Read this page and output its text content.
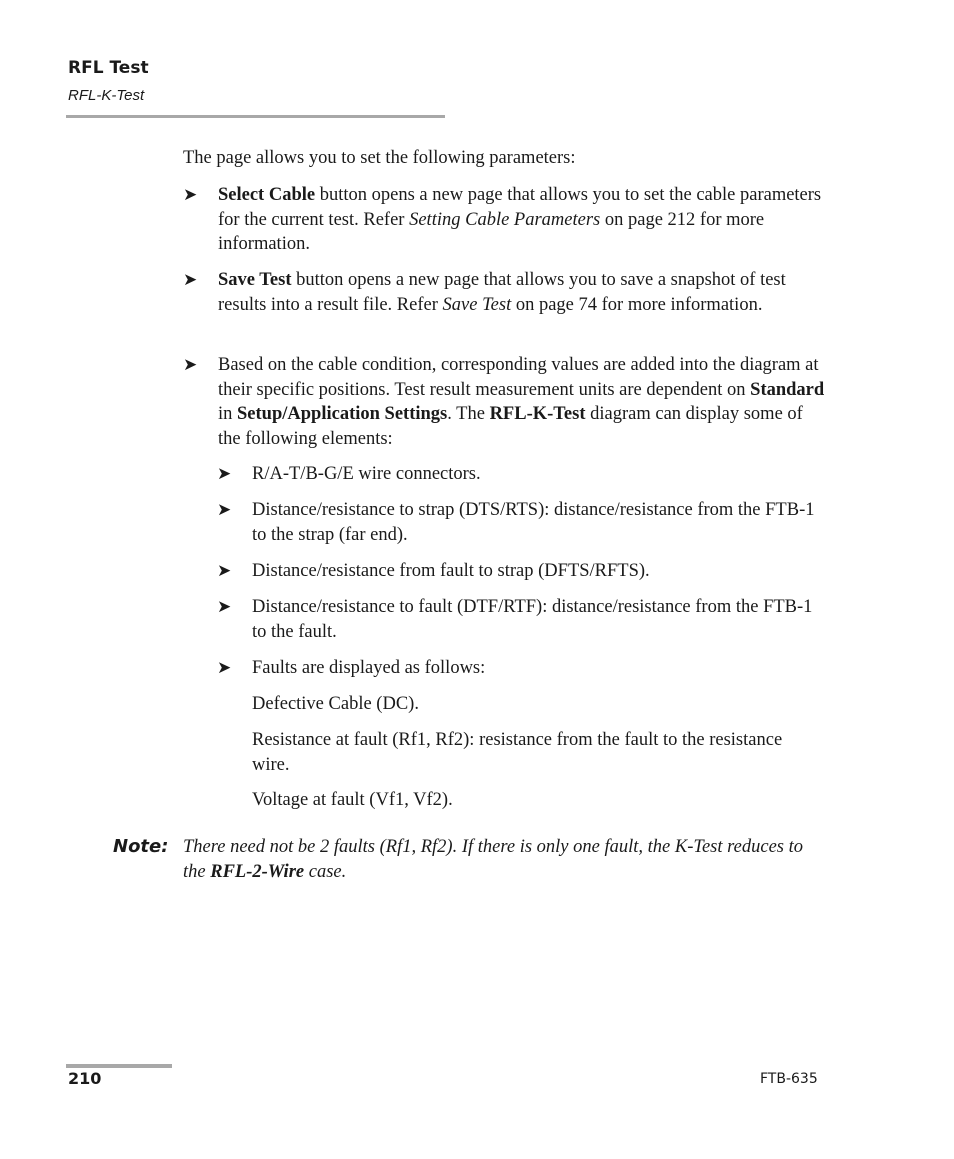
RFL Test
RFL-K-Test
The page allows you to set the following parameters:
➤ Select Cable button opens a new page that allows you to set the cable parameters for the current test. Refer Setting Cable Parameters on page 212 for more information.
➤ Save Test button opens a new page that allows you to save a snapshot of test results into a result file. Refer Save Test on page 74 for more information.
➤ Based on the cable condition, corresponding values are added into the diagram at their specific positions. Test result measurement units are dependent on Standard in Setup/Application Settings. The RFL-K-Test diagram can display some of the following elements:
➤ R/A-T/B-G/E wire connectors.
➤ Distance/resistance to strap (DTS/RTS): distance/resistance from the FTB-1 to the strap (far end).
➤ Distance/resistance from fault to strap (DFTS/RFTS).
➤ Distance/resistance to fault (DTF/RTF): distance/resistance from the FTB-1 to the fault.
➤ Faults are displayed as follows:
Defective Cable (DC).
Resistance at fault (Rf1, Rf2): resistance from the fault to the resistance wire.
Voltage at fault (Vf1, Vf2).
Note: There need not be 2 faults (Rf1, Rf2). If there is only one fault, the K-Test reduces to the RFL-2-Wire case.
210	FTB-635
